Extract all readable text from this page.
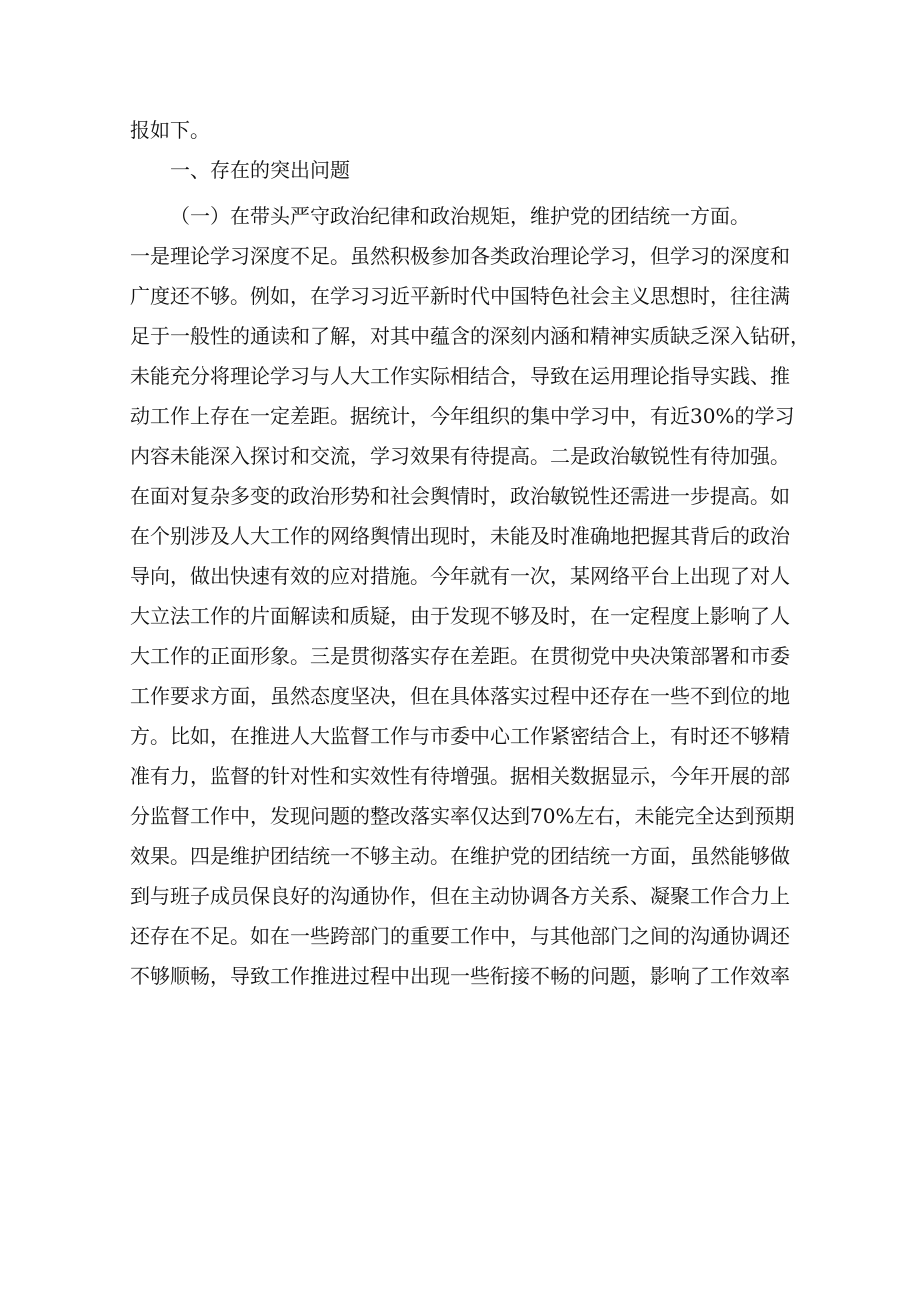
报如下。
一、存在的突出问题
（一）在带头严守政治纪律和政治规矩，维护党的团结统一方面。
一是理论学习深度不足。虽然积极参加各类政治理论学习，但学习的深度和
广度还不够。例如，在学习习近平新时代中国特色社会主义思想时，往往满
足于一般性的通读和了解，对其中蕴含的深刻内涵和精神实质缺乏深入钻研，
未能充分将理论学习与人大工作实际相结合，导致在运用理论指导实践、推
动工作上存在一定差距。据统计，今年组织的集中学习中，有近30%的学习
内容未能深入探讨和交流，学习效果有待提高。二是政治敏锐性有待加强。
在面对复杂多变的政治形势和社会舆情时，政治敏锐性还需进一步提高。如
在个别涉及人大工作的网络舆情出现时，未能及时准确地把握其背后的政治
导向，做出快速有效的应对措施。今年就有一次，某网络平台上出现了对人
大立法工作的片面解读和质疑，由于发现不够及时，在一定程度上影响了人
大工作的正面形象。三是贯彻落实存在差距。在贯彻党中央决策部署和市委
工作要求方面，虽然态度坚决，但在具体落实过程中还存在一些不到位的地
方。比如，在推进人大监督工作与市委中心工作紧密结合上，有时还不够精
准有力，监督的针对性和实效性有待增强。据相关数据显示，今年开展的部
分监督工作中，发现问题的整改落实率仅达到70%左右，未能完全达到预期
效果。四是维护团结统一不够主动。在维护党的团结统一方面，虽然能够做
到与班子成员保良好的沟通协作，但在主动协调各方关系、凝聚工作合力上
还存在不足。如在一些跨部门的重要工作中，与其他部门之间的沟通协调还
不够顺畅，导致工作推进过程中出现一些衔接不畅的问题，影响了工作效率
